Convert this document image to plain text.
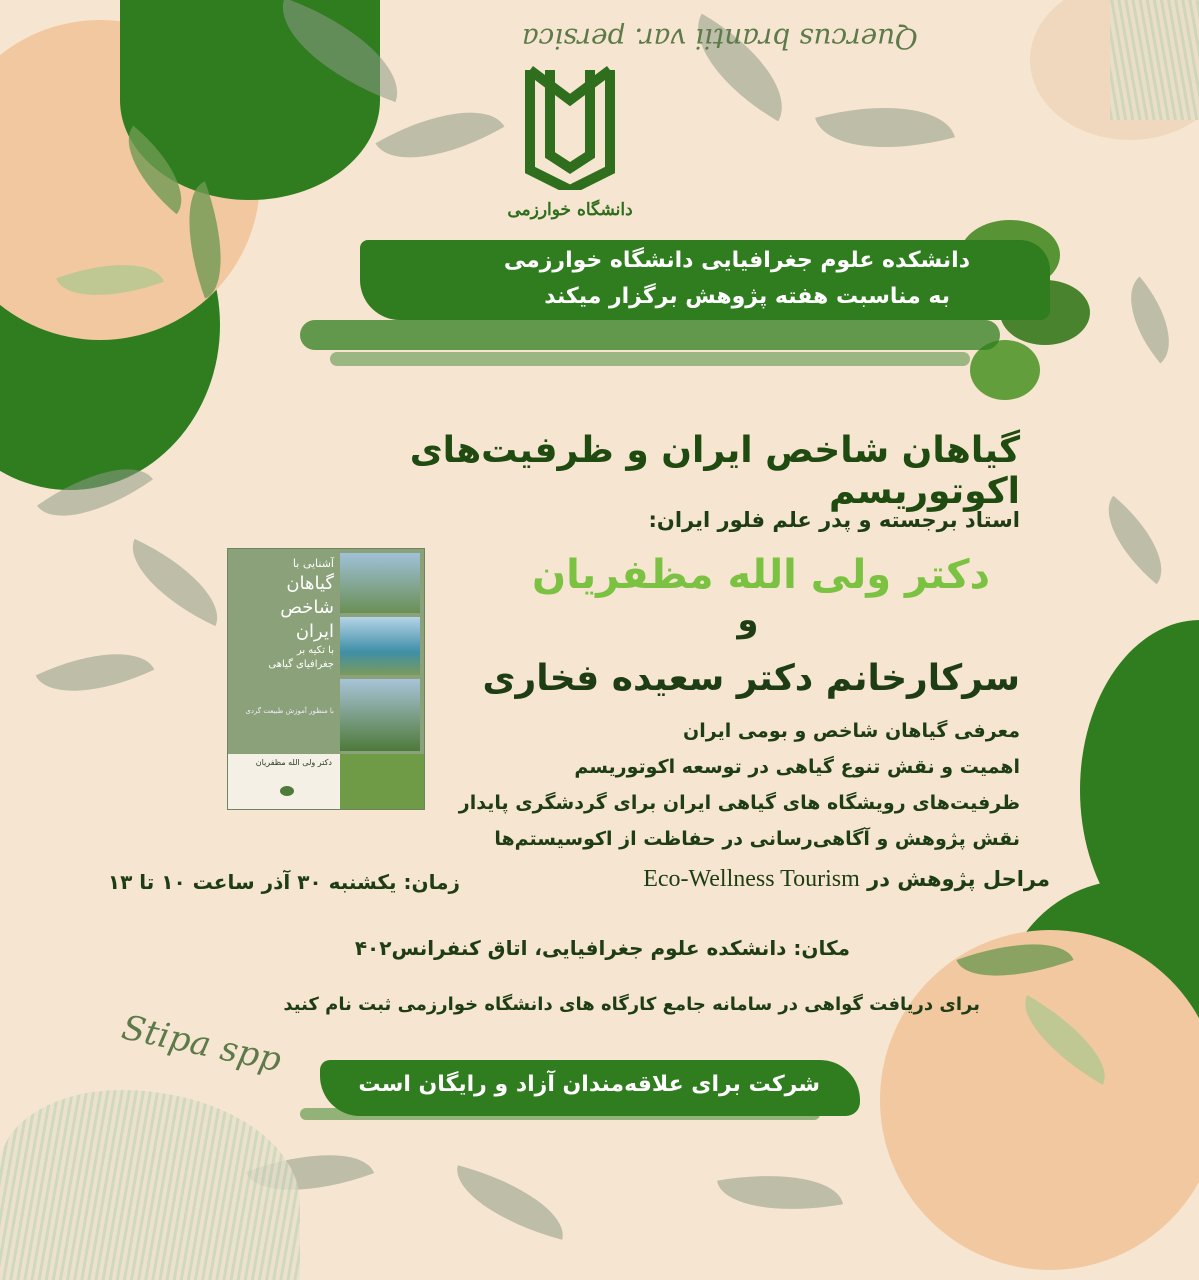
Quercus brantii var. persica
Stipa spp
دانشگاه خوارزمی
دانشکده علوم جغرافیایی دانشگاه خوارزمی
به مناسبت هفته پژوهش برگزار میکند
گیاهان شاخص ایران و ظرفیت‌های اکوتوریسم
استاد برجسته و پدر علم فلور ایران:
دکتر ولی الله مظفریان
و
سرکارخانم دکتر سعیده فخاری
آشنایی با
گیاهان
شاخص
ایران
با تکیه بر
جغرافیای گیاهی
با منظور آموزش طبیعت گردی
دکتر ولی الله مظفریان
معرفی گیاهان شاخص و بومی ایران
اهمیت و نقش تنوع گیاهی در توسعه اکوتوریسم
ظرفیت‌های رویشگاه های گیاهی ایران برای گردشگری پایدار
نقش پژوهش و آگاهی‌رسانی در حفاظت از اکوسیستم‌ها
مراحل پژوهش در Eco-Wellness Tourism
زمان: یکشنبه ۳۰ آذر ساعت ۱۰ تا ۱۳
مکان: دانشکده علوم جغرافیایی، اتاق کنفرانس۴۰۲
برای دریافت گواهی در سامانه جامع کارگاه های دانشگاه خوارزمی ثبت نام کنید
شرکت برای علاقه‌مندان آزاد و رایگان است
